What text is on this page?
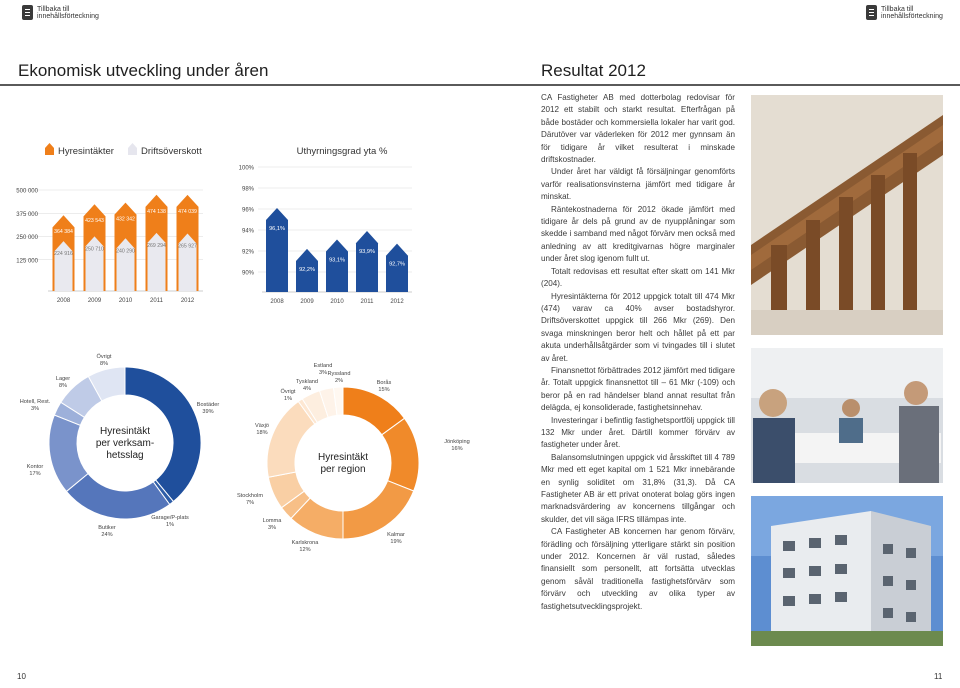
Tillbaka till
innehållsförteckning
Tillbaka till
innehållsförteckning
Ekonomisk utveckling under åren	Resultat 2012
500 000
375 000
250 000
125 000
Hyresintäkter	Driftsöverskott
364 384
224 916
2008
423 543
250 710
2009
432 342
240 290
2010
474 138
269 294
2011
474 039
265 927
2012
100%
98%
96%
94%
92%
90%
Uthyrningsgrad yta %
96,1%
2008
92,2%
2009
93,1%
2010
93,9%
2011
92,7%
2012
Bostäder 39%
Garage/P-plats 1%
Butiker 24%
Kontor 17%
Hotell, Rest. 3%
Lager 8%
Övrigt 8%
Hyresintäkt
per verksam-
hetsslag
Borås 15%
Jönköping 16%
Kalmar 19%
Karlskrona 12%
Lomma 3%
Stockholm 7%
Växjö 18%
Övrigt 1%
Tyskland 4%
Estland 3% Ryssland 2%
Hyresintäkt
per region

CA Fastigheter AB med dotterbolag redovisar för 2012 ett stabilt och starkt resultat. Efterfrågan på både bostäder och kommersiella lokaler har varit god. Därutöver var väderleken för 2012 mer gynnsam än för tidigare år vilket resulterat i minskade driftskostnader.

Under året har väldigt få försäljningar genomförts varför realisationsvinsterna jämfört med tidigare år minskat.

Räntekostnaderna för 2012 ökade jämfört med tidigare år dels på grund av de nyupplåningar som skedde i samband med något förvärv men också med anledning av att kreditgivarnas högre marginaler under året slog igenom fullt ut.

Totalt redovisas ett resultat efter skatt om 141 Mkr (204).

Hyresintäkterna för 2012 uppgick totalt till 474 Mkr (474) varav ca 40% avser bostadshyror. Driftsöverskottet uppgick till 266 Mkr (269). Den svaga minskningen beror helt och hållet på ett par akuta underhållsåtgärder som vi tvingades till i slutet av året.

Finansnettot förbättrades 2012 jämfört med tidigare år. Totalt uppgick finansnettot till – 61 Mkr (-109) och beror på en rad händelser bland annat resultat från delägda, ej konsoliderade, fastighetsinnehav.

Investeringar i befintlig fastighetsportfölj uppgick till 132 Mkr under året. Därtill kommer förvärv av fastigheter under året.

Balansomslutningen uppgick vid årsskiftet till 4 789 Mkr med ett eget kapital om 1 521 Mkr innebärande en synlig soliditet om 31,8% (31,3). Då CA Fastigheter AB är ett privat onoterat bolag görs ingen marknadsvärdering av koncernens tillgångar och skulder, det vill säga IFRS tillämpas inte.

CA Fastigheter AB koncernen har genom förvärv, förädling och försäljning ytterligare stärkt sin position under 2012. Koncernen är väl rustad, således finansiellt som personellt, att fortsätta utvecklas genom såväl traditionella fastighetsförvärv som förvärv och utveckling av olika typer av fastighetsutvecklingsprojekt.

10	11
